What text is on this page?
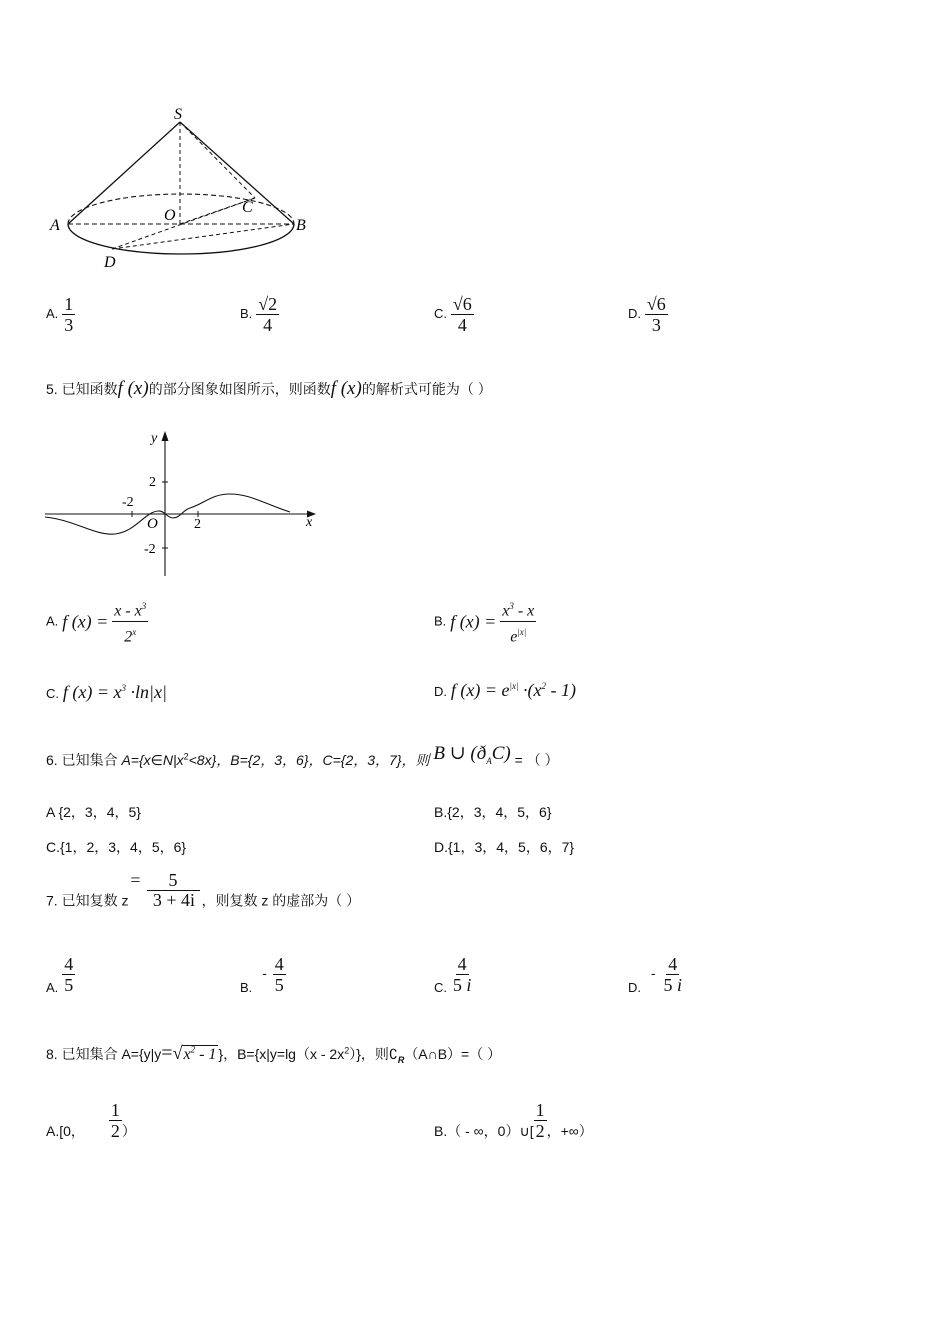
S
A	B
C
O
D
A. $\frac{1}{3}$	B. $\frac{√2}{4}$	C. $\frac{√6}{4}$	D. $\frac{√6}{3}$
5. 已知函数f (x)的部分图象如图所示，则函数f (x)的解析式可能为（ ）
y
x
O
-2
2
2
-2
A. f $(x) = \frac{x - x^3}{2^x}$	B. f $(x) = \frac{x^3 - x}{e^{|x|}}$
C. f $(x) = x^3 \cdot\ln|x|$	D. f $(x) = e^{|x|} \cdot(x^2 - 1)$
6. 已知集合 $A=\{x\in N|x^2<8x\}$，B={2，3，6}，C={2，3，7}，则 B ∪ $(ð_AC)$ = （ ）
A {2，3，4，5}	B.{2，3，4，5，6}
C.{1，2，3，4，5，6}	D.{1，3，4，5，6，7}
7. 已知复数 z
= 5
3 + 4i ，则复数 z 的虚部为（ ）
A. $\frac{4}{5}$	B. - $\frac{4}{5}$	C. $\frac{4}{5 i}$	D. - $\frac{4}{5 i}$
8. 已知集合 $A=\{y|y=√x^2 - 1$ }，$B=\{x|y=\lg(x - 2x^2)\}$，则$∁_R(A\cap B)=$（ ）
A.[0， $\frac{1}{2}$ ）	B.（ - ∞，0）∪[ $\frac{1}{2}$ ，+∞）
